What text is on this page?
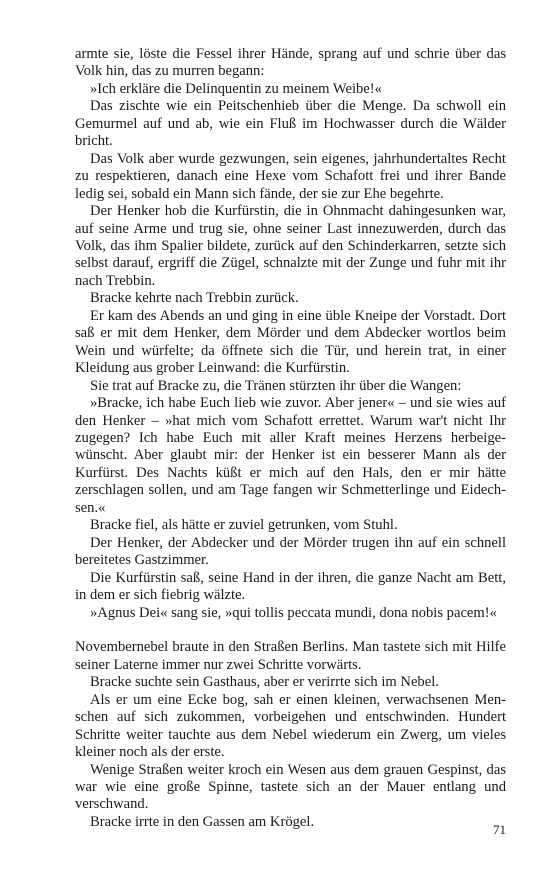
armte sie, löste die Fessel ihrer Hände, sprang auf und schrie über das Volk hin, das zu murren begann:

»Ich erkläre die Delinquentin zu meinem Weibe!«

Das zischte wie ein Peitschenhieb über die Menge. Da schwoll ein Gemurmel auf und ab, wie ein Fluß im Hochwasser durch die Wälder bricht.

Das Volk aber wurde gezwungen, sein eigenes, jahrhundertaltes Recht zu respektieren, danach eine Hexe vom Schafott frei und ihrer Bande ledig sei, sobald ein Mann sich fände, der sie zur Ehe begehrte.

Der Henker hob die Kurfürstin, die in Ohnmacht dahingesunken war, auf seine Arme und trug sie, ohne seiner Last innezuwerden, durch das Volk, das ihm Spalier bildete, zurück auf den Schinderkarren, setzte sich selbst darauf, ergriff die Zügel, schnalzte mit der Zunge und fuhr mit ihr nach Trebbin.

Bracke kehrte nach Trebbin zurück.

Er kam des Abends an und ging in eine üble Kneipe der Vorstadt. Dort saß er mit dem Henker, dem Mörder und dem Abdecker wortlos beim Wein und würfelte; da öffnete sich die Tür, und herein trat, in einer Kleidung aus grober Leinwand: die Kurfürstin.

Sie trat auf Bracke zu, die Tränen stürzten ihr über die Wangen:

»Bracke, ich habe Euch lieb wie zuvor. Aber jener« – und sie wies auf den Henker – »hat mich vom Schafott errettet. Warum war't nicht Ihr zugegen? Ich habe Euch mit aller Kraft meines Herzens herbeigewünscht. Aber glaubt mir: der Henker ist ein besserer Mann als der Kurfürst. Des Nachts küßt er mich auf den Hals, den er mir hätte zerschlagen sollen, und am Tage fangen wir Schmetterlinge und Eidechsen.«

Bracke fiel, als hätte er zuviel getrunken, vom Stuhl.

Der Henker, der Abdecker und der Mörder trugen ihn auf ein schnell bereitetes Gastzimmer.

Die Kurfürstin saß, seine Hand in der ihren, die ganze Nacht am Bett, in dem er sich fiebrig wälzte.

»Agnus Dei« sang sie, »qui tollis peccata mundi, dona nobis pacem!«

Novembernebel braute in den Straßen Berlins. Man tastete sich mit Hilfe seiner Laterne immer nur zwei Schritte vorwärts.

Bracke suchte sein Gasthaus, aber er verirrte sich im Nebel.

Als er um eine Ecke bog, sah er einen kleinen, verwachsenen Menschen auf sich zukommen, vorbeigehen und entschwinden. Hundert Schritte weiter tauchte aus dem Nebel wiederum ein Zwerg, um vieles kleiner noch als der erste.

Wenige Straßen weiter kroch ein Wesen aus dem grauen Gespinst, das war wie eine große Spinne, tastete sich an der Mauer entlang und verschwand.

Bracke irrte in den Gassen am Krögel.	71
